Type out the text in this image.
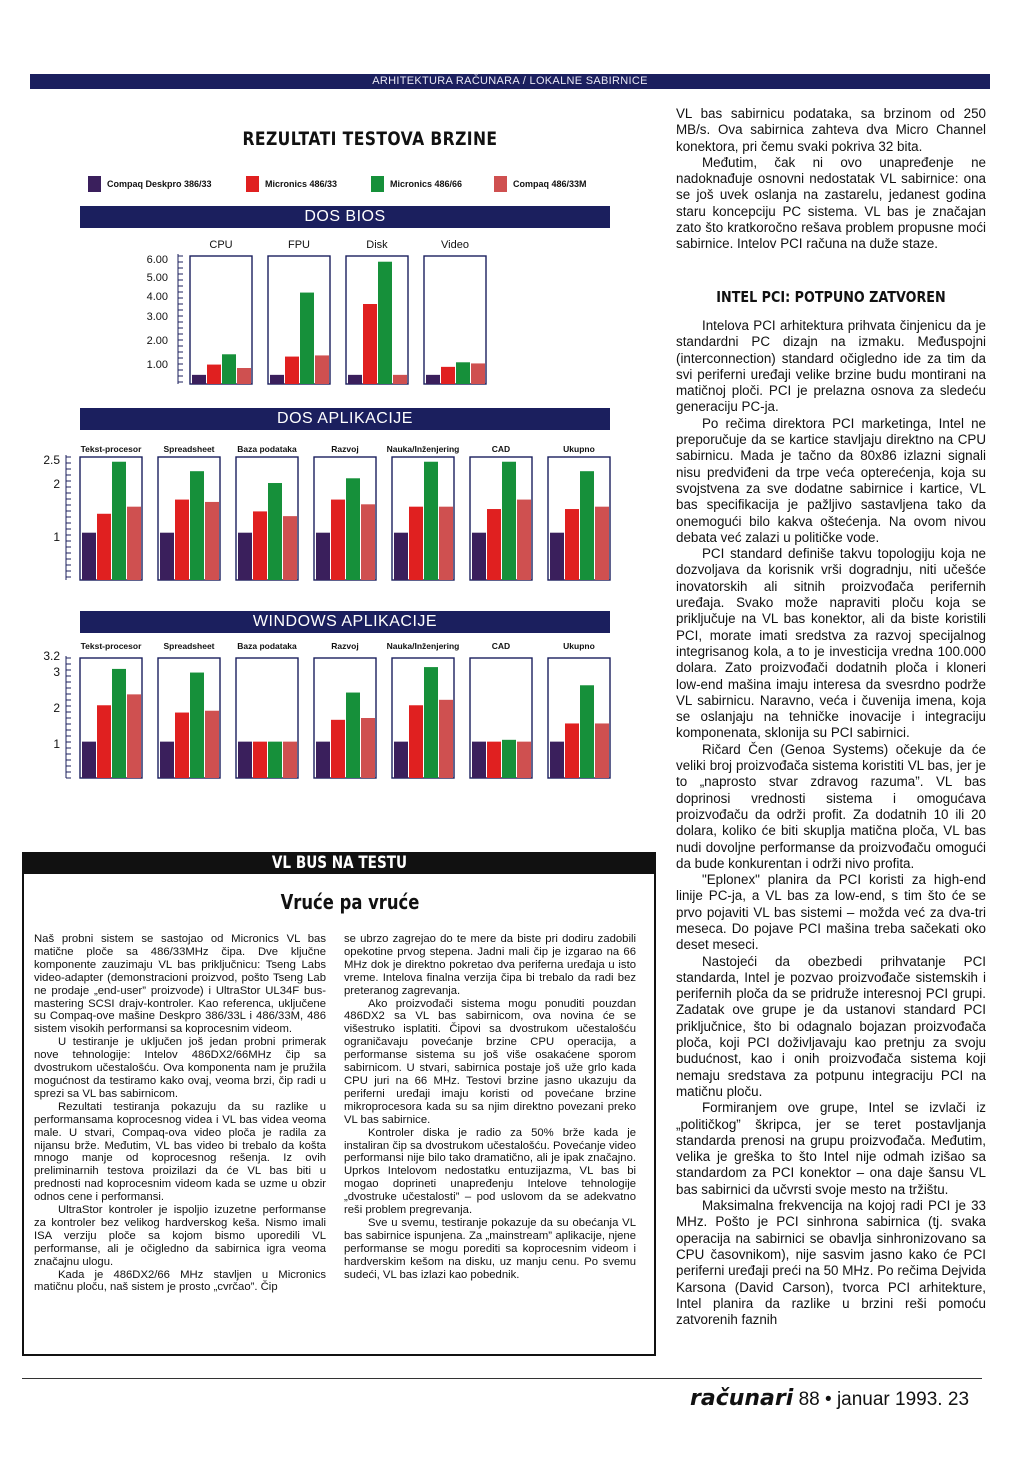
ARHITEKTURA RAČUNARA / LOKALNE SABIRNICE
REZULTATI TESTOVA BRZINE
Compaq Deskpro 386/33	Micronics 486/33	Micronics 486/66	Compaq 486/33M
DOS BIOS
DOS APLIKACIJE
WINDOWS APLIKACIJE
6.00
5.00
4.00
3.00
2.00
1.00
CPU	FPU	Disk	Video
2.5
2
1
Tekst-procesor	Spreadsheet	Baza podataka	Razvoj	Nauka/Inženjering	CAD	Ukupno
3.2
3
2
1
Tekst-procesor	Spreadsheet	Baza podataka	Razvoj	Nauka/Inženjering	CAD	Ukupno

VL bas sabirnicu podataka, sa brzinom od 250 MB/s. Ova sabirnica zahteva dva Micro Channel konektora, pri čemu svaki pokriva 32 bita.

Međutim, čak ni ovo unapređenje ne nadoknađuje osnovni nedostatak VL sabirnice: ona se još uvek oslanja na zastarelu, jedanest godina staru koncepciju PC sistema. VL bas je značajan zato što kratkoročno rešava problem propusne moći sabirnice. Intelov PCI računa na duže staze.

INTEL PCI: POTPUNO ZATVOREN

Intelova PCI arhitektura prihvata činjenicu da je standardni PC dizajn na izmaku. Međuspojni (interconnection) standard očigledno ide za tim da svi periferni uređaji velike brzine budu montirani na matičnoj ploči. PCI je prelazna osnova za sledeću generaciju PC-ja.

Po rečima direktora PCI marketinga, Intel ne preporučuje da se kartice stavljaju direktno na CPU sabirnicu. Mada je tačno da 80x86 izlazni signali nisu predviđeni da trpe veća opterećenja, koja su svojstvena za sve dodatne sabirnice i kartice, VL bas specifikacija je pažljivo sastavljena tako da onemogući bilo kakva oštećenja. Na ovom nivou debata već zalazi u političke vode.

PCI standard definiše takvu topologiju koja ne dozvoljava da korisnik vrši dogradnju, niti učešće inovatorskih ali sitnih proizvođača perifernih uređaja. Svako može napraviti ploču koja se priključuje na VL bas konektor, ali da biste koristili PCI, morate imati sredstva za razvoj specijalnog integrisanog kola, a to je investicija vredna 100.000 dolara. Zato proizvođači dodatnih ploča i kloneri low-end mašina imaju interesa da svesrdno podrže VL sabirnicu. Naravno, veća i čuvenija imena, koja se oslanjaju na tehničke inovacije i integraciju komponenata, sklonija su PCI sabirnici.

Ričard Čen (Genoa Systems) očekuje da će veliki broj proizvođača sistema koristiti VL bas, jer je to „naprosto stvar zdravog razuma”. VL bas doprinosi vrednosti sistema i omogućava proizvođaču da održi profit. Za dodatnih 10 ili 20 dolara, koliko će biti skuplja matična ploča, VL bas nudi dovoljne performanse da proizvođaču omogući da bude konkurentan i održi nivo profita.

"Eplonex" planira da PCI koristi za high-end linije PC-ja, a VL bas za low-end, s tim što će se prvo pojaviti VL bas sistemi – možda već za dva-tri meseca. Do pojave PCI mašina treba sačekati oko deset meseci.

Nastojeći da obezbedi prihvatanje PCI standarda, Intel je pozvao proizvođače sistemskih i perifernih ploča da se pridruže interesnoj PCI grupi. Zadatak ove grupe je da ustanovi standard PCI priključnice, što bi odagnalo bojazan proizvođača ploča, koji PCI doživljavaju kao pretnju za svoju budućnost, kao i onih proizvođača sistema koji nemaju sredstava za potpunu integraciju PCI na matičnu ploču.

Formiranjem ove grupe, Intel se izvlači iz „političkog” škripca, jer se teret postavljanja standarda prenosi na grupu proizvođača. Međutim, velika je greška to što Intel nije odmah izišao sa standardom za PCI konektor – ona daje šansu VL bas sabirnici da učvrsti svoje mesto na tržištu.

Maksimalna frekvencija na kojoj radi PCI je 33 MHz. Pošto je PCI sinhrona sabirnica (tj. svaka operacija na sabirnici se obavlja sinhronizovano sa CPU časovnikom), nije sasvim jasno kako će PCI periferni uređaji preći na 50 MHz. Po rečima Dejvida Karsona (David Carson), tvorca PCI arhitekture, Intel planira da razlike u brzini reši pomoću zatvorenih faznih

VL BUS NA TESTU
Vruće pa vruće

Naš probni sistem se sastojao od Micronics VL bas matične ploče sa 486/33MHz čipa. Dve ključne komponente zauzimaju VL bas priključnicu: Tseng Labs video-adapter (demonstracioni proizvod, pošto Tseng Lab ne prodaje „end-user” proizvode) i UltraStor UL34F bus-mastering SCSI drajv-kontroler. Kao referenca, uključene su Compaq-ove mašine Deskpro 386/33L i 486/33M, 486 sistem visokih performansi sa koprocesnim videom.

U testiranje je uključen još jedan probni primerak nove tehnologije: Intelov 486DX2/66MHz čip sa dvostrukom učestalošću. Ova komponenta nam je pružila mogućnost da testiramo kako ovaj, veoma brzi, čip radi u sprezi sa VL bas sabirnicom.

Rezultati testiranja pokazuju da su razlike u performansama koprocesnog videa i VL bas videa veoma male. U stvari, Compaq-ova video ploča je radila za nijansu brže. Međutim, VL bas video bi trebalo da košta mnogo manje od koprocesnog rešenja. Iz ovih preliminarnih testova proizilazi da će VL bas biti u prednosti nad koprocesnim videom kada se uzme u obzir odnos cene i performansi.

UltraStor kontroler je ispoljio izuzetne performanse za kontroler bez velikog hardverskog keša. Nismo imali ISA verziju ploče sa kojom bismo uporedili VL performanse, ali je očigledno da sabirnica igra veoma značajnu ulogu.

Kada je 486DX2/66 MHz stavljen u Micronics matičnu ploču, naš sistem je prosto „cvrčao”. Čip

se ubrzo zagrejao do te mere da biste pri dodiru zadobili opekotine prvog stepena. Jadni mali čip je izgarao na 66 MHz dok je direktno pokretao dva periferna uređaja u isto vreme. Intelova finalna verzija čipa bi trebalo da radi bez preteranog zagrevanja.

Ako proizvođači sistema mogu ponuditi pouzdan 486DX2 sa VL bas sabirnicom, ova novina će se višestruko isplatiti. Čipovi sa dvostrukom učestalošću ograničavaju povećanje brzine CPU operacija, a performanse sistema su još više osakaćene sporom sabirnicom. U stvari, sabirnica postaje još uže grlo kada CPU juri na 66 MHz. Testovi brzine jasno ukazuju da periferni uređaji imaju koristi od povećane brzine mikroprocesora kada su sa njim direktno povezani preko VL bas sabirnice.

Kontroler diska je radio za 50% brže kada je instaliran čip sa dvostrukom učestalošću. Povećanje video performansi nije bilo tako dramatično, ali je ipak značajno. Uprkos Intelovom nedostatku entuzijazma, VL bas bi mogao doprineti unapređenju Intelove tehnologije „dvostruke učestalosti” – pod uslovom da se adekvatno reši problem pregrevanja.

Sve u svemu, testiranje pokazuje da su obećanja VL bas sabirnice ispunjena. Za „mainstream” aplikacije, njene performanse se mogu porediti sa koprocesnim videom i hardverskim kešom na disku, uz manju cenu. Po svemu sudeći, VL bas izlazi kao pobednik.

računari 88 • januar 1993. 23
